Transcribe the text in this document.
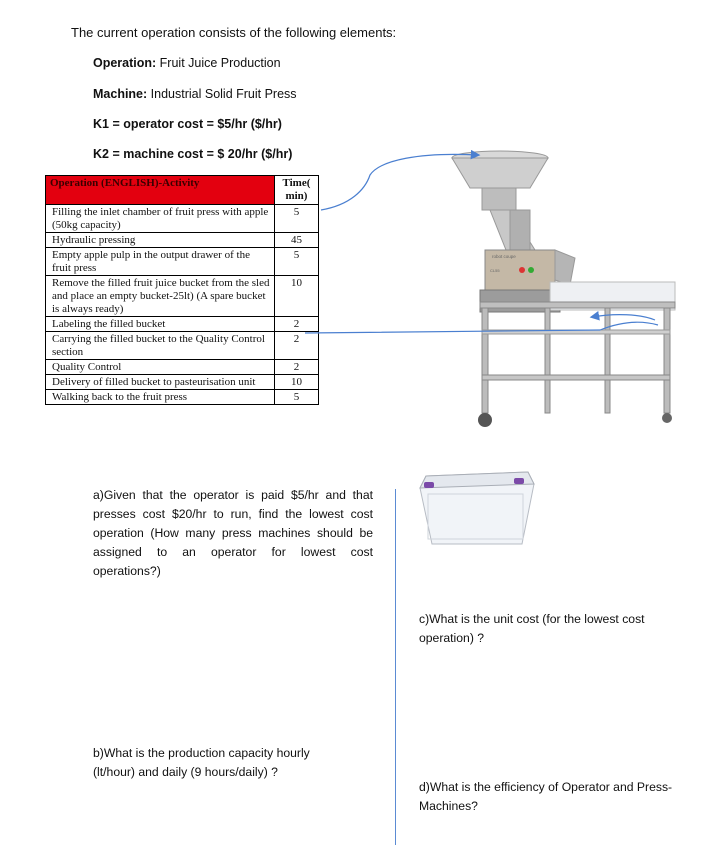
The current operation consists of the following elements:
Operation: Fruit Juice Production
Machine: Industrial Solid Fruit Press
K1 = operator cost = $5/hr ($/hr)
K2 = machine cost = $ 20/hr ($/hr)
Operation (ENGLISH)-Activity	Time( min)
Filling the inlet chamber of fruit press with apple (50kg capacity)	5
Hydraulic pressing	45
Empty apple pulp in the output drawer of the fruit press	5
Remove the filled fruit juice bucket from the sled and place an empty bucket-25lt) (A spare bucket is always ready)	10
Labeling the filled bucket	2
Carrying the filled bucket to the Quality Control section	2
Quality Control	2
Delivery of filled bucket to pasteurisation unit	10
Walking back to the fruit press	5
robot coupe
CL55
a)Given that the operator is paid $5/hr and that presses cost $20/hr to run, find the lowest cost operation (How many press machines should be assigned to an operator for lowest cost operations?)
b)What is the production capacity hourly (lt/hour) and daily (9 hours/daily) ?
c)What is the unit cost (for the lowest cost operation) ?
d)What is the efficiency of Operator and Press-Machines?
